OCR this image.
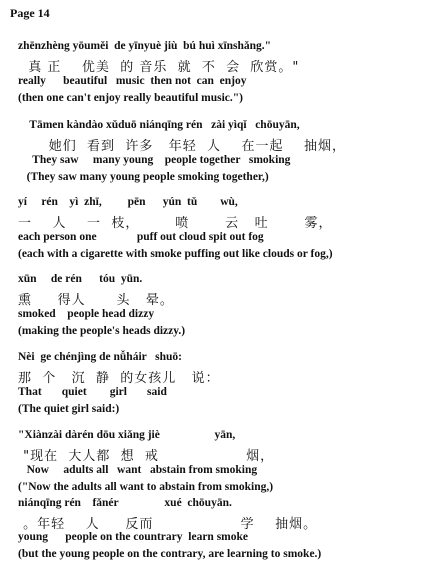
Page 14
zhēnzhèng yōuměi  de yīnyuè jiù  bú huì xīnshǎng."
真 正    优美  的 音乐  就  不  会  欣赏。"
really      beautiful   music  then not  can  enjoy
(then one can't enjoy really beautiful music.")
Tāmen kàndào xǔduō niánqīng rén   zài yìqǐ   chōuyān,
她们  看到  许多   年轻  人    在一起    抽烟，
They saw     many young    people together   smoking
(They saw many young people smoking together,)
yí     rén    yì  zhī,         pēn      yún  tǔ        wù,
一    人    一  枝，       喷       云   吐       雾，
each person one              puff out cloud spit out fog
(each with a cigarette with smoke puffing out like clouds or fog,)
xūn     de rén      tóu  yūn.
熏     得人      头   晕。
smoked    people head dizzy
(making the people's heads dizzy.)
Nèi  ge chénjìng de nǚháir   shuō:
那  个   沉  静  的女孩儿   说：
That       quiet        girl       said
(The quiet girl said:)
"Xiànzài dàrén dōu xiǎng jiè                   yān,
"现在  大人都  想  戒                 烟，
Now     adults all   want   abstain from smoking
("Now the adults all want to abstain from smoking,)
niánqīng rén    fǎnér                xué  chōuyān.
。年轻    人     反而                 学    抽烟。
young      people on the countrary  learn smoke
(but the young people on the contrary, are learning to smoke.)
